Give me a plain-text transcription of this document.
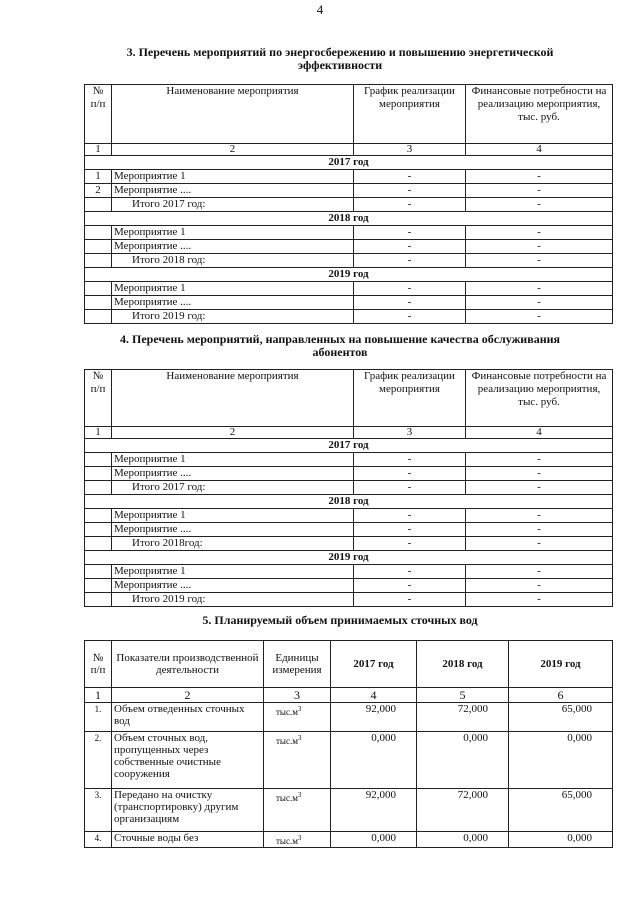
4
3. Перечень мероприятий по энергосбережению и повышению энергетической
эффективности
№ п/п	Наименование мероприятия	График реализации мероприятия	Финансовые потребности на реализацию мероприятия, тыс. руб.
1	2	3	4
2017 год			
1	Мероприятие 1	-	-
2	Мероприятие ....	-	-
	Итого 2017 год:	-	-
2018 год			
	Мероприятие 1	-	-
	Мероприятие ....	-	-
	Итого 2018 год:	-	-
2019 год			
	Мероприятие 1	-	-
	Мероприятие ....	-	-
	Итого 2019 год:	-	-
4. Перечень мероприятий, направленных на повышение качества обслуживания
абонентов
№ п/п	Наименование мероприятия	График реализации мероприятия	Финансовые потребности на реализацию мероприятия, тыс. руб.
1	2	3	4
2017 год			
	Мероприятие 1	-	-
	Мероприятие ....	-	-
	Итого 2017 год:	-	-
2018 год			
	Мероприятие 1	-	-
	Мероприятие ....	-	-
	Итого 2018год:	-	-
2019 год			
	Мероприятие 1	-	-
	Мероприятие ....	-	-
	Итого 2019 год:	-	-
5. Планируемый объем принимаемых сточных вод
№ п/п	Показатели производственной деятельности	Единицы измерения	2017 год	2018 год	2019 год
1	2	3	4	5	6
1.	Объем отведенных сточных вод	$тыс.м^3$	92,000	72,000	65,000
2.	Объем сточных вод, пропущенных через собственные очистные сооружения	$тыс.м^3$	0,000	0,000	0,000
3.	Передано на очистку (транспортировку) другим организациям	$тыс.м^3$	92,000	72,000	65,000
4.	Сточные воды без	$тыс.м^3$	0,000	0,000	0,000
